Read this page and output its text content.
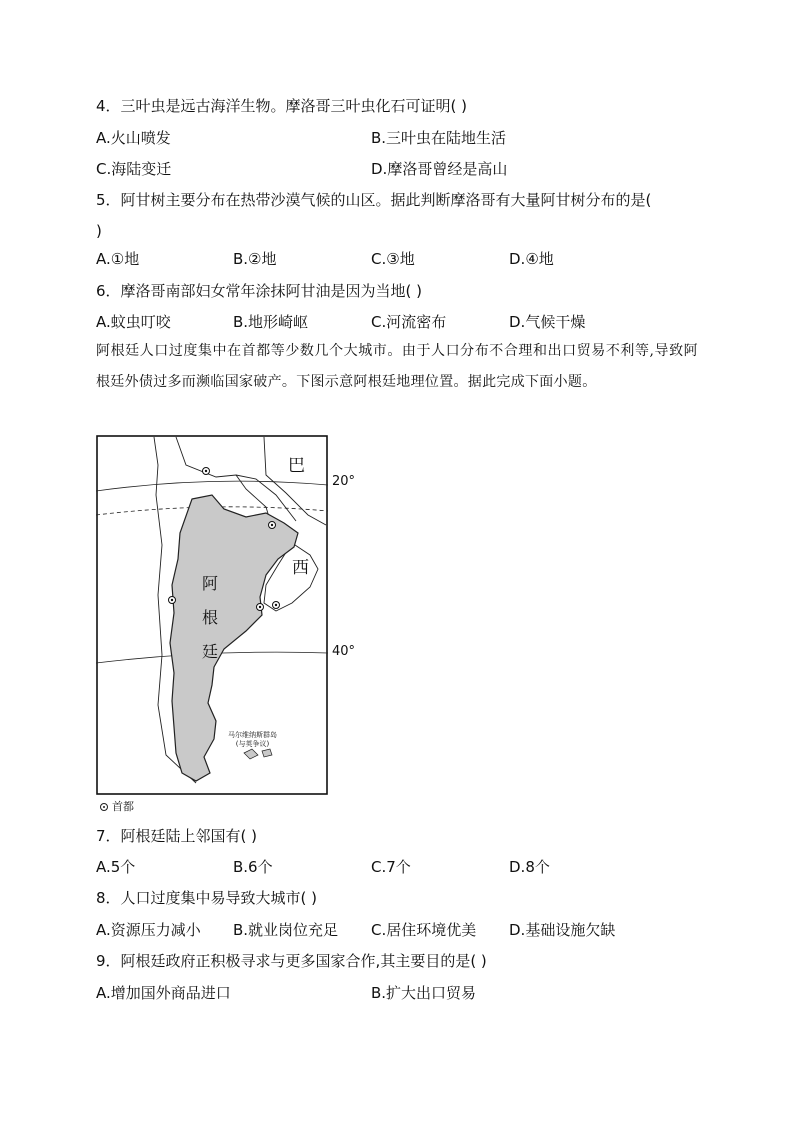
4．三叶虫是远古海洋生物。摩洛哥三叶虫化石可证明( )
A.火山喷发	B.三叶虫在陆地生活
C.海陆变迁	D.摩洛哥曾经是高山
5．阿甘树主要分布在热带沙漠气候的山区。据此判断摩洛哥有大量阿甘树分布的是(
)
A.①地	B.②地	C.③地	D.④地
6．摩洛哥南部妇女常年涂抹阿甘油是因为当地( )
A.蚊虫叮咬	B.地形崎岖	C.河流密布	D.气候干燥
阿根廷人口过度集中在首都等少数几个大城市。由于人口分布不合理和出口贸易不利等,导致阿根廷外债过多而濒临国家破产。下图示意阿根廷地理位置。据此完成下面小题。
阿
根
廷
巴
西
马尔维纳斯群岛
(与英争议)
20°
40°
首都
7．阿根廷陆上邻国有( )
A.5个	B.6个	C.7个	D.8个
8．人口过度集中易导致大城市( )
A.资源压力减小 B.就业岗位充足 C.居住环境优美 D.基础设施欠缺
9．阿根廷政府正积极寻求与更多国家合作,其主要目的是( )
A.增加国外商品进口	B.扩大出口贸易
